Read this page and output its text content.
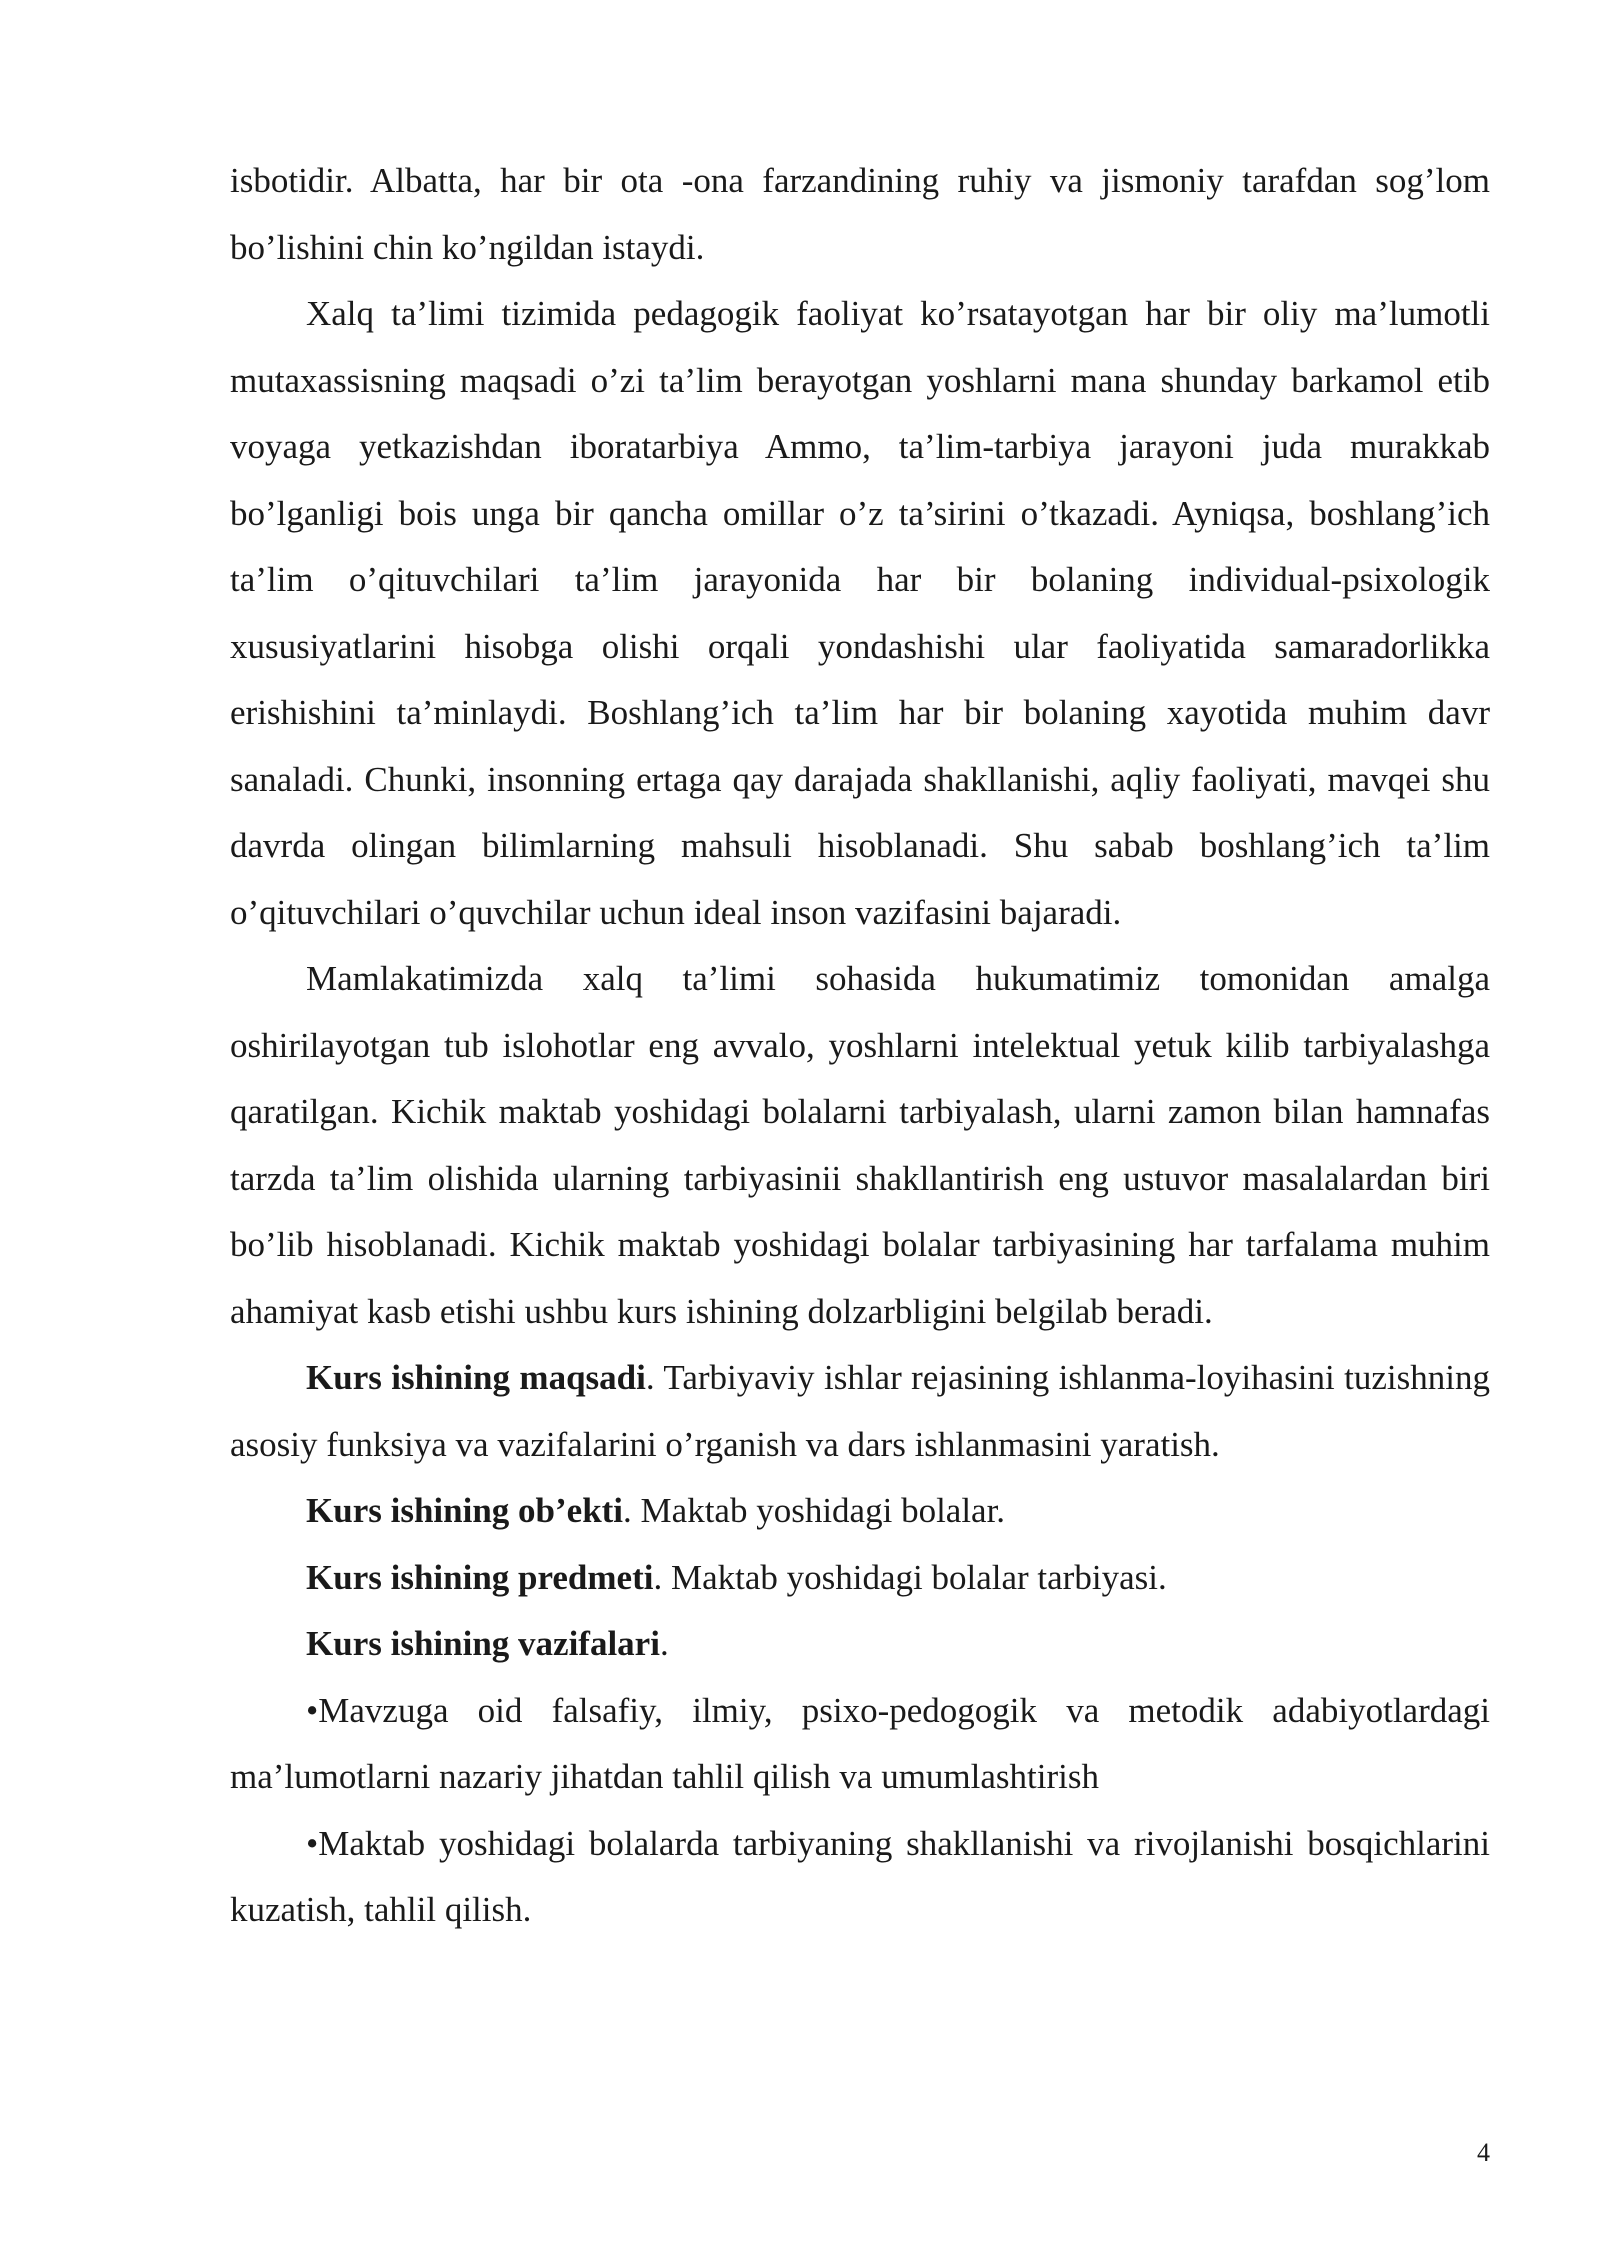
isbotidir. Albatta, har bir ota -ona farzandining ruhiy va jismoniy tarafdan sog’lom bo’lishini chin ko’ngildan istaydi.

Xalq ta’limi tizimida pedagogik faoliyat ko’rsatayotgan har bir oliy ma’lumotli mutaxassisning maqsadi o’zi ta’lim berayotgan yoshlarni mana shunday barkamol etib voyaga yetkazishdan iboratarbiya Ammo, ta’lim-tarbiya jarayoni juda murakkab bo’lganligi bois unga bir qancha omillar o’z ta’sirini o’tkazadi. Ayniqsa, boshlang’ich ta’lim o’qituvchilari ta’lim jarayonida har bir bolaning individual-psixologik xususiyatlarini hisobga olishi orqali yondashishi ular faoliyatida samaradorlikka erishishini ta’minlaydi. Boshlang’ich ta’lim har bir bolaning xayotida muhim davr sanaladi. Chunki, insonning ertaga qay darajada shakllanishi, aqliy faoliyati, mavqei shu davrda olingan bilimlarning mahsuli hisoblanadi. Shu sabab boshlang’ich ta’lim o’qituvchilari o’quvchilar uchun ideal inson vazifasini bajaradi.

Mamlakatimizda xalq ta’limi sohasida hukumatimiz tomonidan amalga oshirilayotgan tub islohotlar eng avvalo, yoshlarni intelektual yetuk kilib tarbiyalashga qaratilgan. Kichik maktab yoshidagi bolalarni tarbiyalash, ularni zamon bilan hamnafas tarzda ta’lim olishida ularning tarbiyasinii shakllantirish eng ustuvor masalalardan biri bo’lib hisoblanadi. Kichik maktab yoshidagi bolalar tarbiyasining har tarfalama muhim ahamiyat kasb etishi ushbu kurs ishining dolzarbligini belgilab beradi.

Kurs ishining maqsadi. Tarbiyaviy ishlar rejasining ishlanma-loyihasini tuzishning asosiy funksiya va vazifalarini o’rganish va dars ishlanmasini yaratish.

Kurs ishining ob’ekti. Maktab yoshidagi bolalar.

Kurs ishining predmeti. Maktab yoshidagi bolalar tarbiyasi.

Kurs ishining vazifalari.

•Mavzuga oid falsafiy, ilmiy, psixo-pedogogik va metodik adabiyotlardagi ma’lumotlarni nazariy jihatdan tahlil qilish va umumlashtirish

•Maktab yoshidagi bolalarda tarbiyaning shakllanishi va rivojlanishi bosqichlarini kuzatish, tahlil qilish.

4
